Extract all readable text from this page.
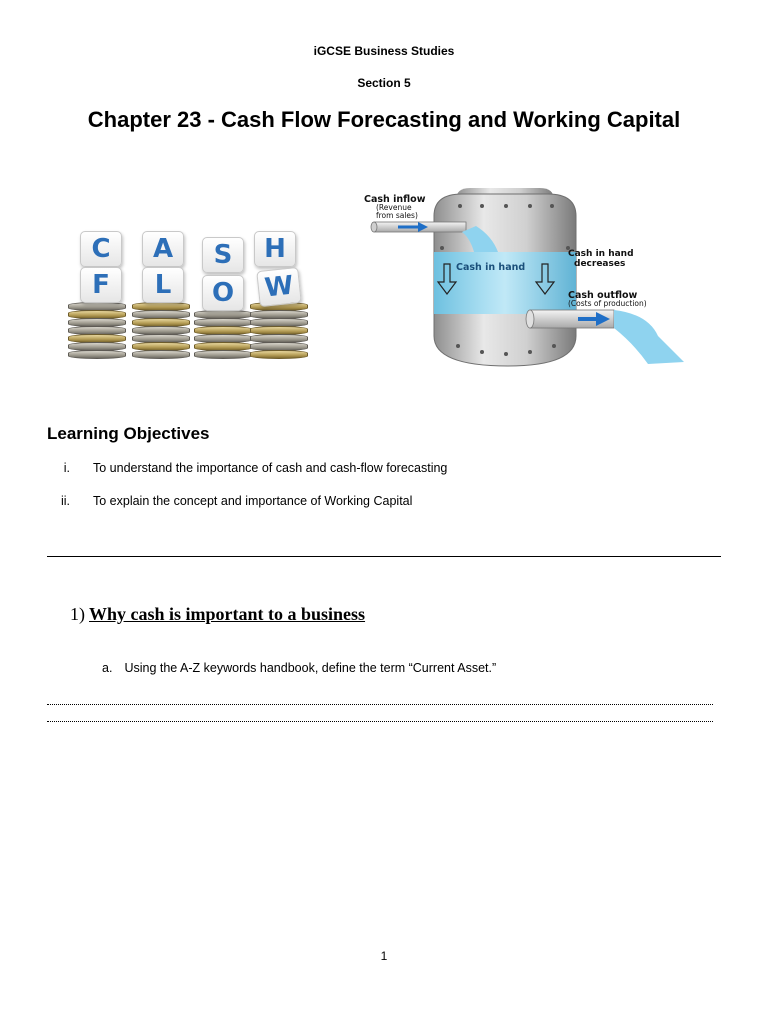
iGCSE Business Studies
Section 5
Chapter 23 - Cash Flow Forecasting and Working Capital
C	A	S	H
F	L	O	W
Cash inflow
(Revenue
from sales)
Cash in hand
Cash in hand
decreases
Cash outflow
(Costs of production)
Learning Objectives
i. To understand the importance of cash and cash-flow forecasting
ii. To explain the concept and importance of Working Capital
1) Why cash is important to a business
a. Using the A-Z keywords handbook, define the term “Current Asset.”
1
